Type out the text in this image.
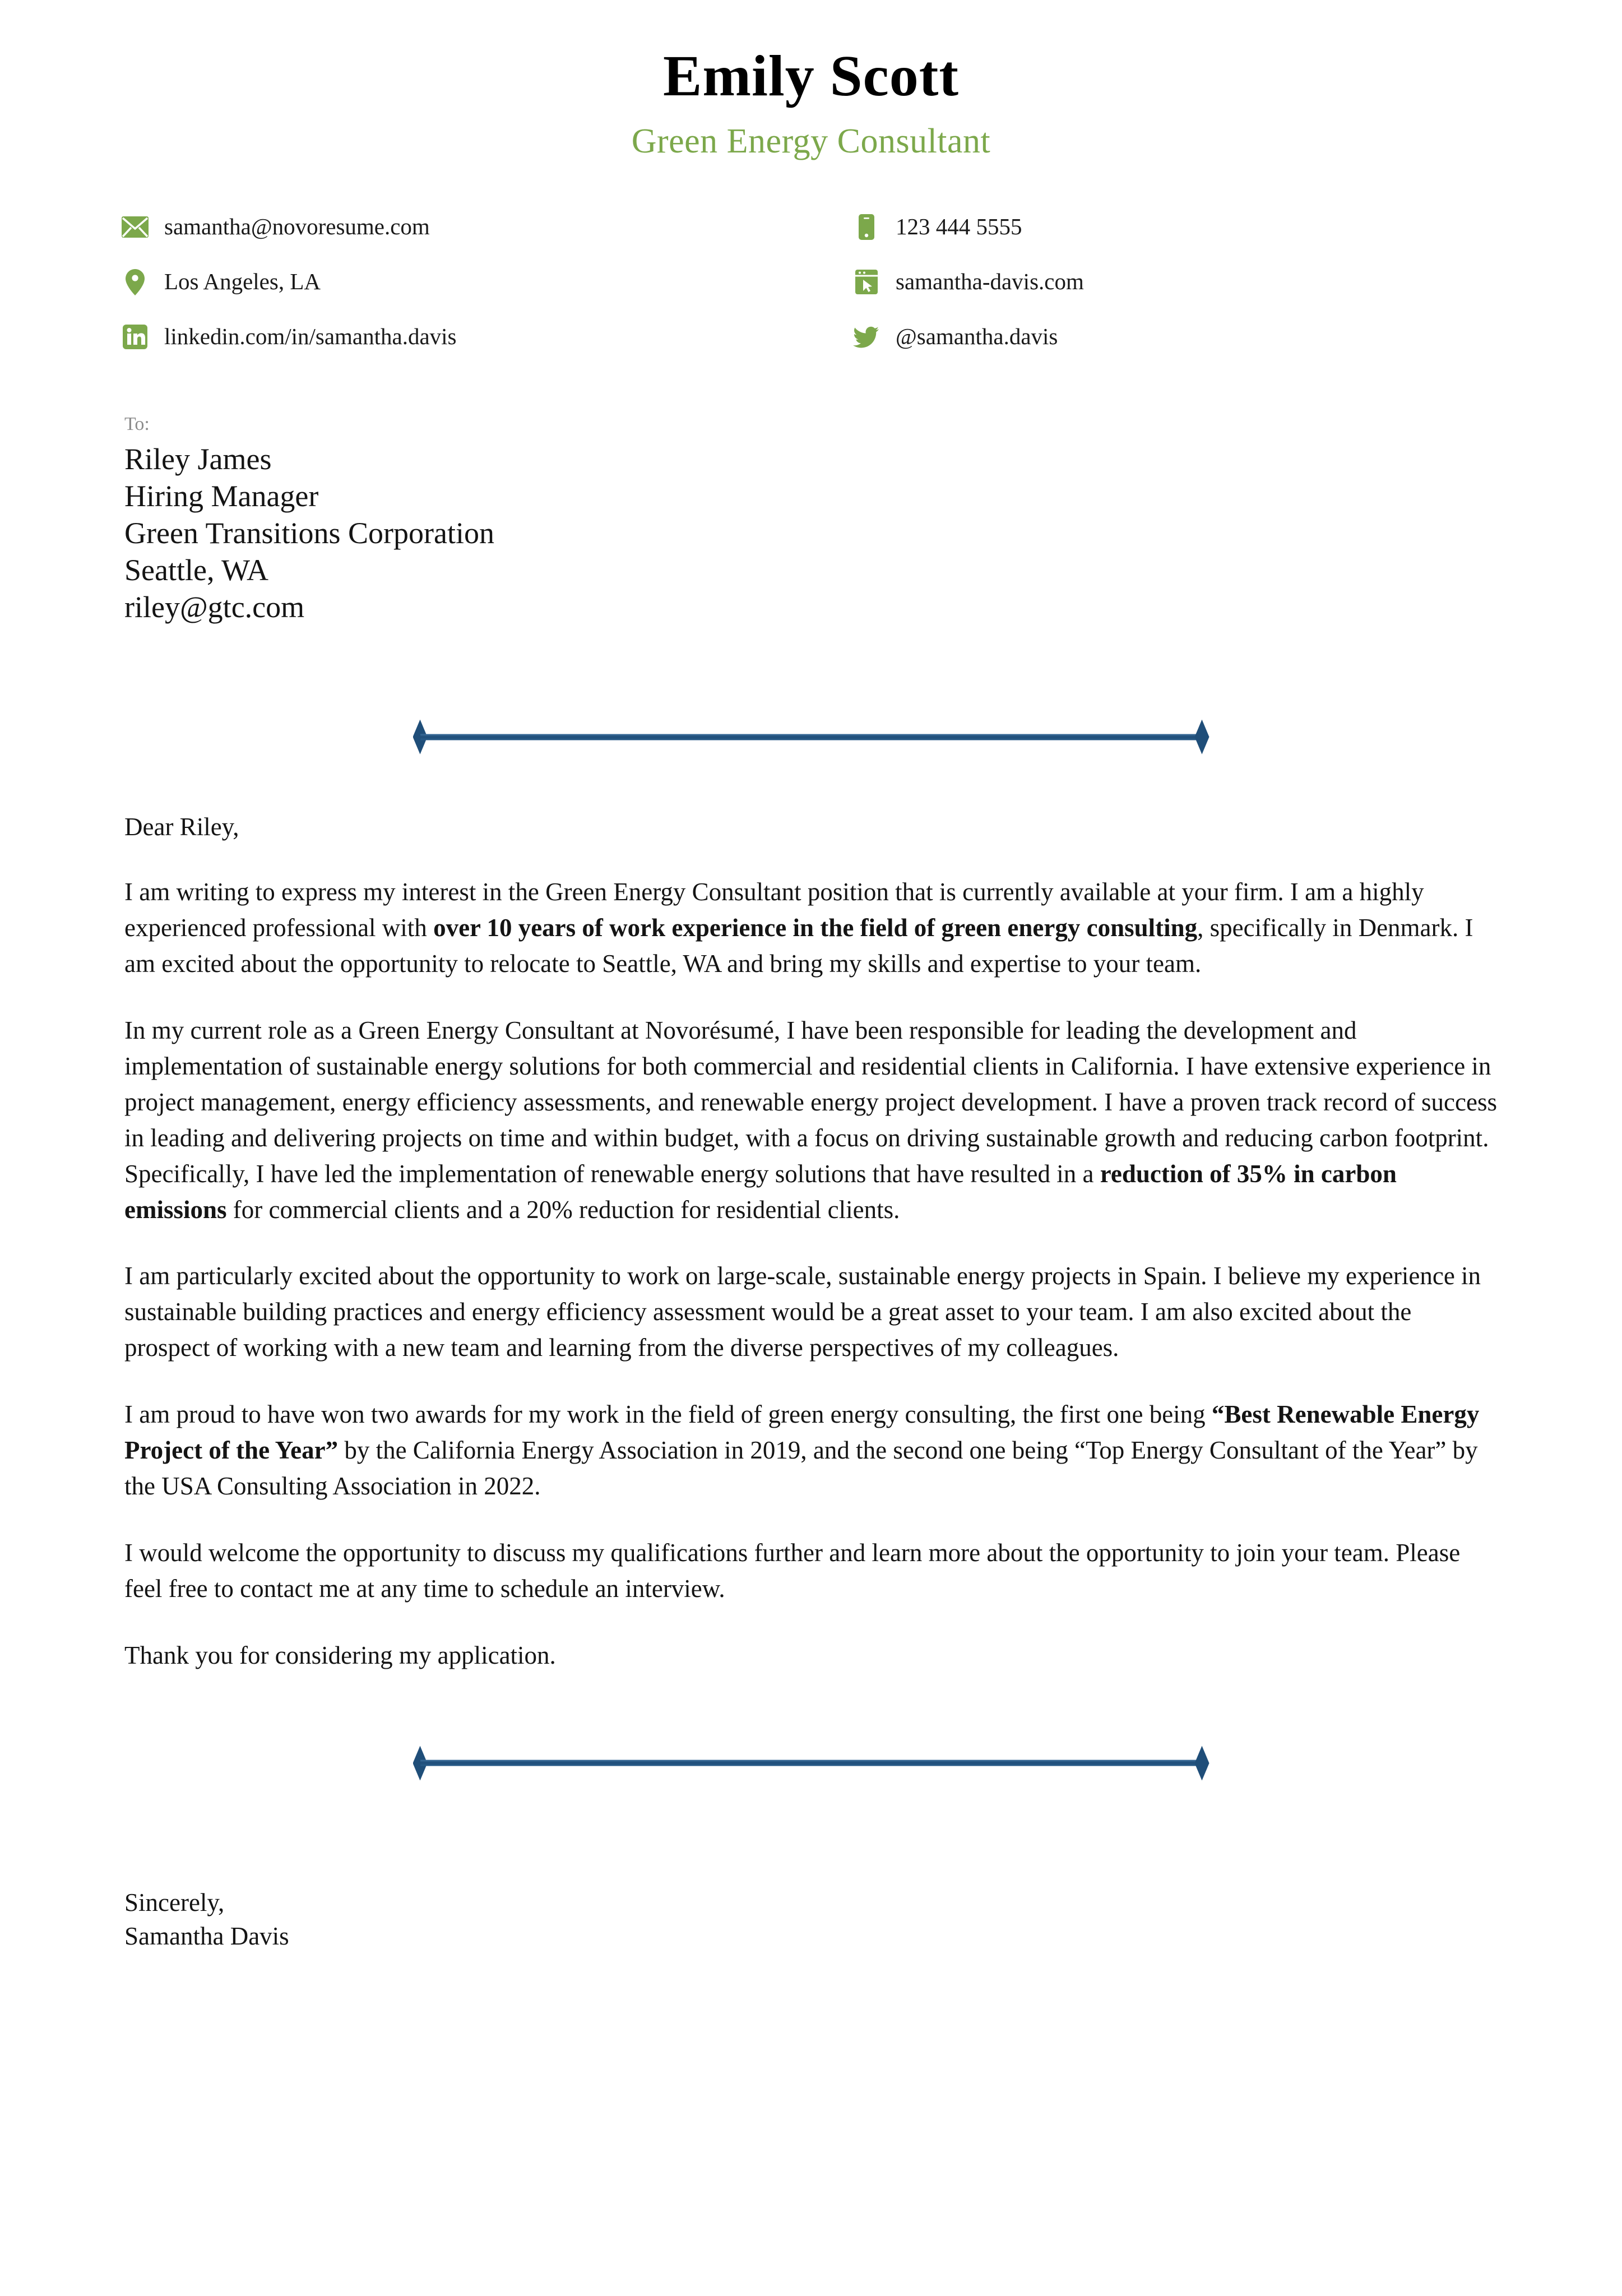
Emily Scott
Green Energy Consultant
samantha@novoresume.com	123 444 5555
Los Angeles, LA	samantha-davis.com
linkedin.com/in/samantha.davis	@samantha.davis
To:
Riley James
Hiring Manager
Green Transitions Corporation
Seattle, WA
riley@gtc.com
Dear Riley,

I am writing to express my interest in the Green Energy Consultant position that is currently available at your firm. I am a highly experienced professional with over 10 years of work experience in the field of green energy consulting, specifically in Denmark. I am excited about the opportunity to relocate to Seattle, WA and bring my skills and expertise to your team.

In my current role as a Green Energy Consultant at Novorésumé, I have been responsible for leading the development and implementation of sustainable energy solutions for both commercial and residential clients in California. I have extensive experience in project management, energy efficiency assessments, and renewable energy project development. I have a proven track record of success in leading and delivering projects on time and within budget, with a focus on driving sustainable growth and reducing carbon footprint. Specifically, I have led the implementation of renewable energy solutions that have resulted in a reduction of 35% in carbon emissions for commercial clients and a 20% reduction for residential clients.

I am particularly excited about the opportunity to work on large-scale, sustainable energy projects in Spain. I believe my experience in sustainable building practices and energy efficiency assessment would be a great asset to your team. I am also excited about the prospect of working with a new team and learning from the diverse perspectives of my colleagues.

I am proud to have won two awards for my work in the field of green energy consulting, the first one being “Best Renewable Energy Project of the Year” by the California Energy Association in 2019, and the second one being “Top Energy Consultant of the Year” by the USA Consulting Association in 2022.

I would welcome the opportunity to discuss my qualifications further and learn more about the opportunity to join your team. Please feel free to contact me at any time to schedule an interview.

Thank you for considering my application.

Sincerely,
Samantha Davis
